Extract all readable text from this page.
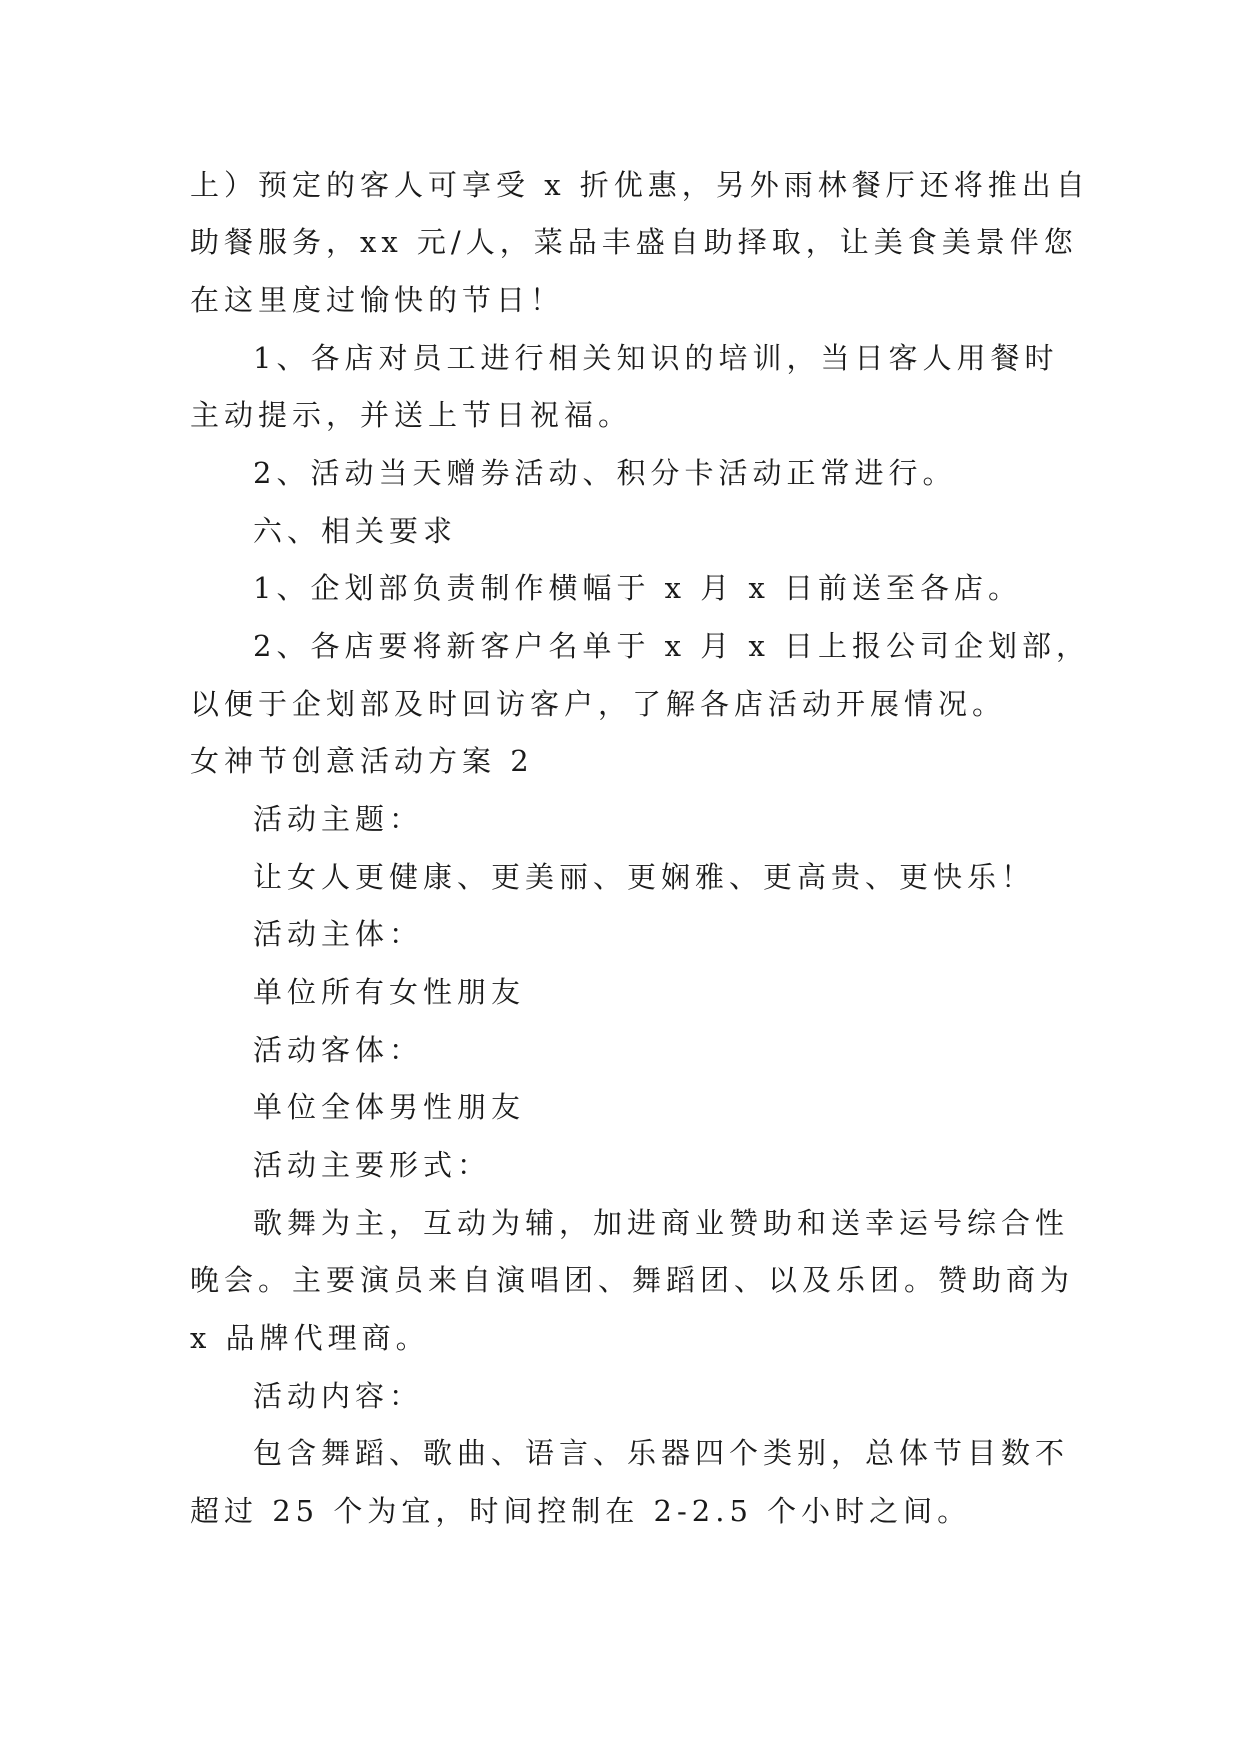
上）预定的客人可享受 x 折优惠，另外雨林餐厅还将推出自
助餐服务，xx 元/人，菜品丰盛自助择取，让美食美景伴您
在这里度过愉快的节日！
1、各店对员工进行相关知识的培训，当日客人用餐时
主动提示，并送上节日祝福。
2、活动当天赠券活动、积分卡活动正常进行。
六、相关要求
1、企划部负责制作横幅于 x 月 x 日前送至各店。
2、各店要将新客户名单于 x 月 x 日上报公司企划部，
以便于企划部及时回访客户，了解各店活动开展情况。
女神节创意活动方案 2
活动主题：
让女人更健康、更美丽、更娴雅、更高贵、更快乐！
活动主体：
单位所有女性朋友
活动客体：
单位全体男性朋友
活动主要形式：
歌舞为主，互动为辅，加进商业赞助和送幸运号综合性
晚会。主要演员来自演唱团、舞蹈团、以及乐团。赞助商为
x 品牌代理商。
活动内容：
包含舞蹈、歌曲、语言、乐器四个类别，总体节目数不
超过 25 个为宜，时间控制在 2-2.5 个小时之间。
